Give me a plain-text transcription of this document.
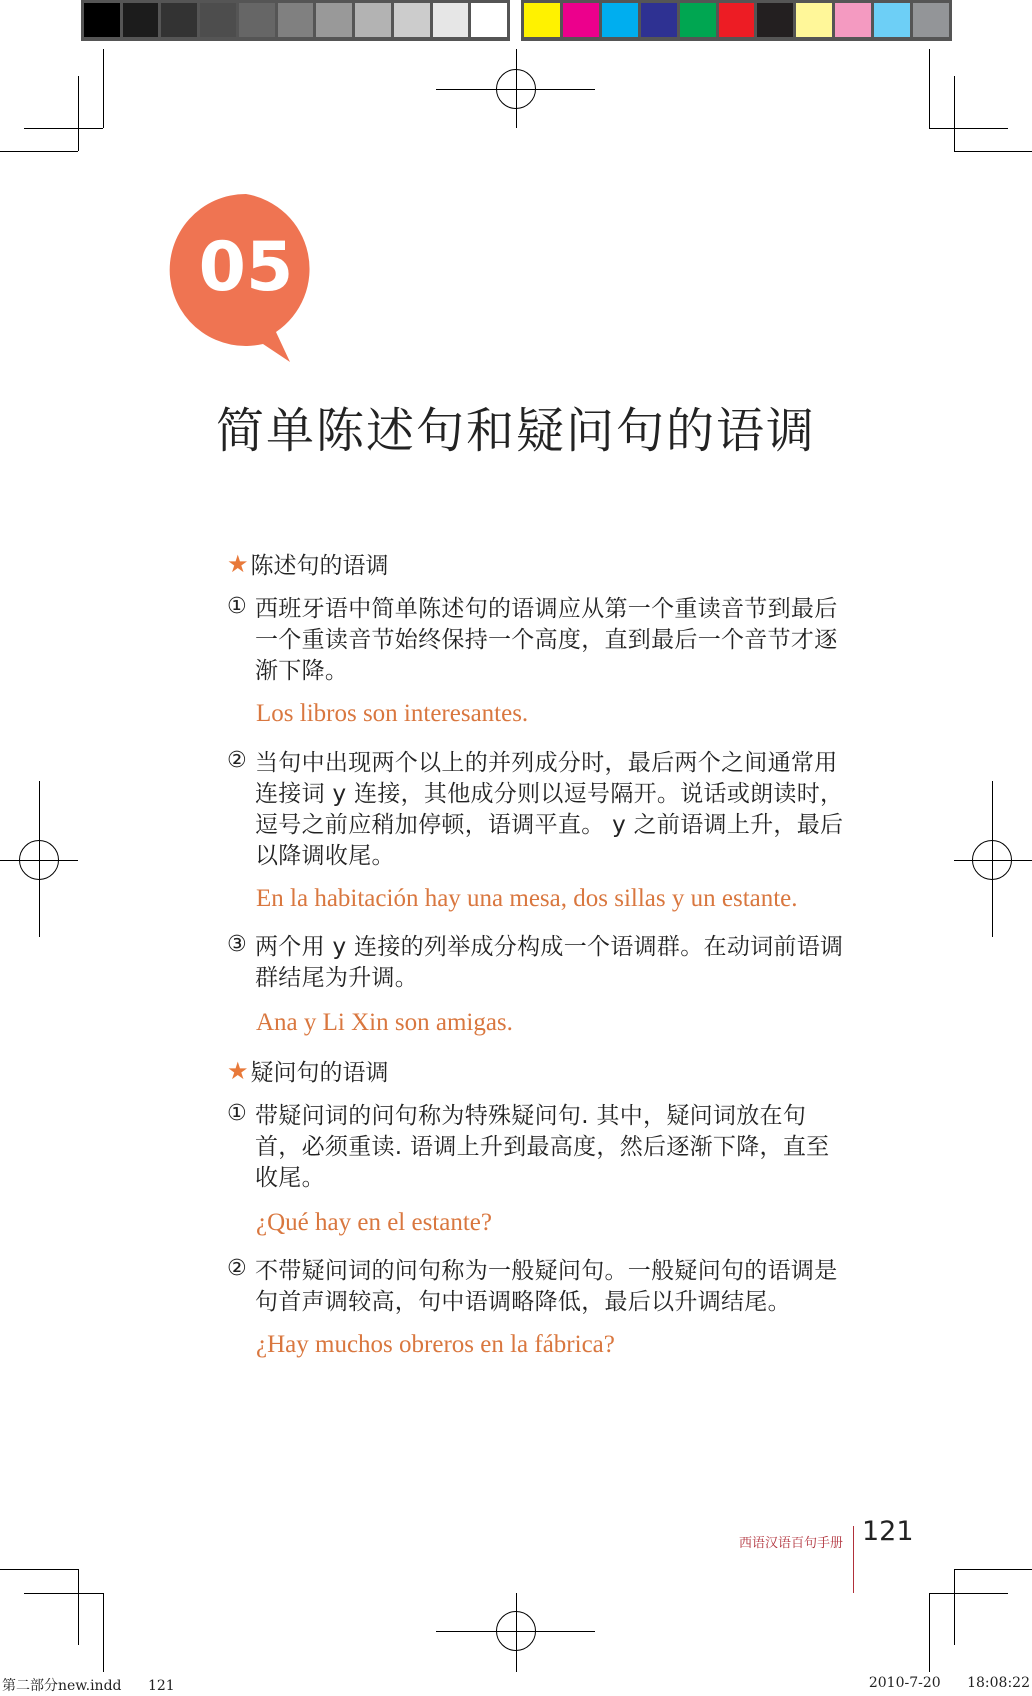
05
简单陈述句和疑问句的语调
★ 陈述句的语调
① 西班牙语中简单陈述句的语调应从第一个重读音节到最后
一个重读音节始终保持一个高度，直到最后一个音节才逐
渐下降。
Los libros son interesantes.
② 当句中出现两个以上的并列成分时，最后两个之间通常用
连接词 y 连接，其他成分则以逗号隔开。说话或朗读时，
逗号之前应稍加停顿，语调平直。 y 之前语调上升，最后
以降调收尾。
En la habitación hay una mesa, dos sillas y un estante.
③ 两个用 y 连接的列举成分构成一个语调群。在动词前语调
群结尾为升调。
Ana y Li Xin son amigas.
★ 疑问句的语调
① 带疑问词的问句称为特殊疑问句. 其中，疑问词放在句
首，必须重读. 语调上升到最高度，然后逐渐下降，直至
收尾。
¿Qué hay en el estante?
② 不带疑问词的问句称为一般疑问句。一般疑问句的语调是
句首声调较高，句中语调略降低，最后以升调结尾。
¿Hay muchos obreros en la fábrica?
西语汉语百句手册 121
第二部分new.indd 121	2010-7-20 18:08:22
